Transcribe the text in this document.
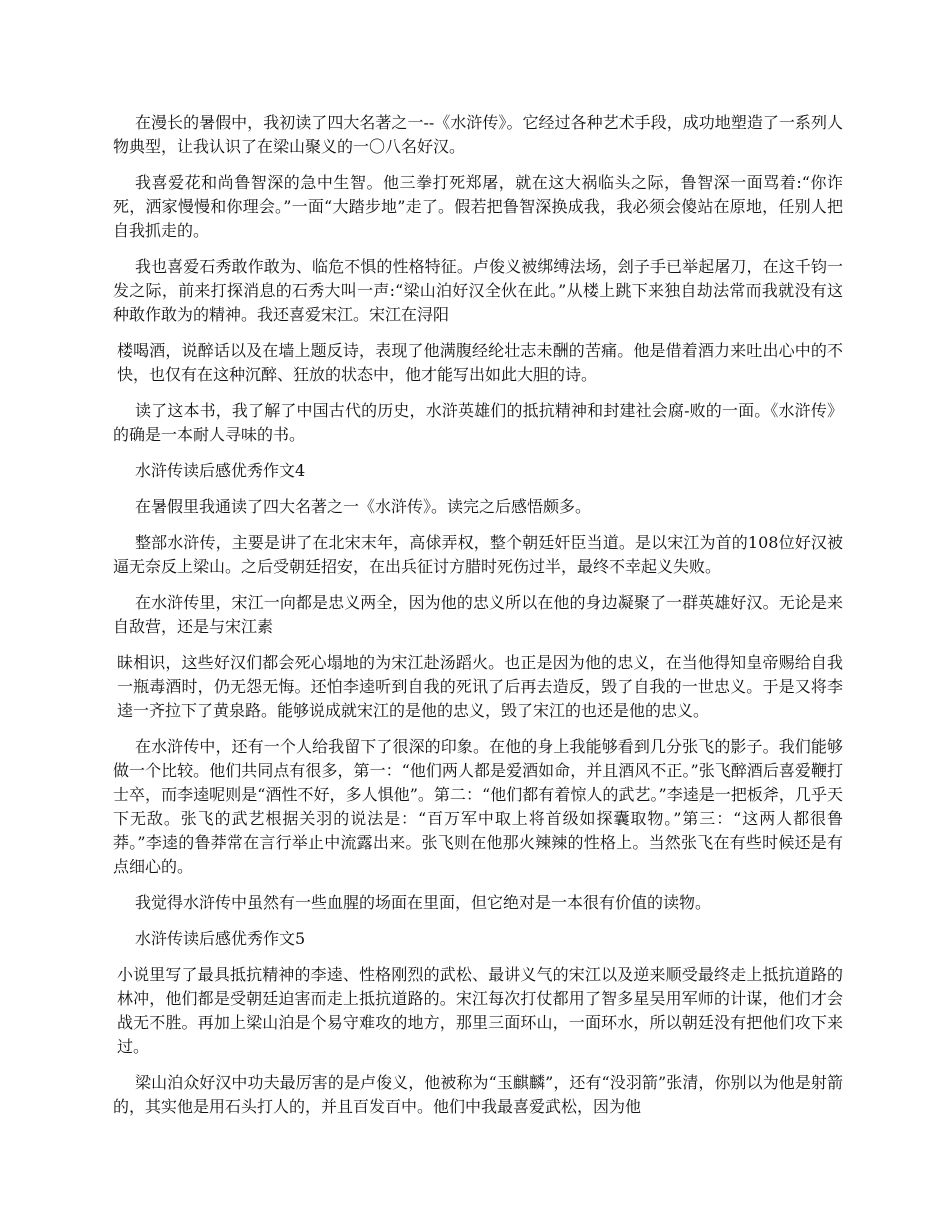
在漫长的暑假中，我初读了四大名著之一--《水浒传》。它经过各种艺术手段，成功地塑造了一系列人物典型，让我认识了在梁山聚义的一〇八名好汉。

我喜爱花和尚鲁智深的急中生智。他三拳打死郑屠，就在这大祸临头之际，鲁智深一面骂着:“你诈死，洒家慢慢和你理会。”一面“大踏步地”走了。假若把鲁智深换成我，我必须会傻站在原地，任别人把自我抓走的。

我也喜爱石秀敢作敢为、临危不惧的性格特征。卢俊义被绑缚法场，刽子手已举起屠刀，在这千钧一发之际，前来打探消息的石秀大叫一声:“梁山泊好汉全伙在此。”从楼上跳下来独自劫法常而我就没有这种敢作敢为的精神。我还喜爱宋江。宋江在浔阳

楼喝酒，说醉话以及在墙上题反诗，表现了他满腹经纶壮志未酬的苦痛。他是借着酒力来吐出心中的不快，也仅有在这种沉醉、狂放的状态中，他才能写出如此大胆的诗。

读了这本书，我了解了中国古代的历史，水浒英雄们的抵抗精神和封建社会腐-败的一面。《水浒传》的确是一本耐人寻味的书。

水浒传读后感优秀作文4

在暑假里我通读了四大名著之一《水浒传》。读完之后感悟颇多。

整部水浒传，主要是讲了在北宋末年，高俅弄权，整个朝廷奸臣当道。是以宋江为首的108位好汉被逼无奈反上梁山。之后受朝廷招安，在出兵征讨方腊时死伤过半，最终不幸起义失败。

在水浒传里，宋江一向都是忠义两全，因为他的忠义所以在他的身边凝聚了一群英雄好汉。无论是来自敌营，还是与宋江素

昧相识，这些好汉们都会死心塌地的为宋江赴汤蹈火。也正是因为他的忠义，在当他得知皇帝赐给自我一瓶毒酒时，仍无怨无悔。还怕李逵听到自我的死讯了后再去造反，毁了自我的一世忠义。于是又将李逵一齐拉下了黄泉路。能够说成就宋江的是他的忠义，毁了宋江的也还是他的忠义。

在水浒传中，还有一个人给我留下了很深的印象。在他的身上我能够看到几分张飞的影子。我们能够做一个比较。他们共同点有很多，第一：“他们两人都是爱酒如命，并且酒风不正。”张飞醉酒后喜爱鞭打士卒，而李逵呢则是“酒性不好，多人惧他”。第二：“他们都有着惊人的武艺。”李逵是一把板斧，几乎天下无敌。张飞的武艺根据关羽的说法是：“百万军中取上将首级如探囊取物。”第三：“这两人都很鲁莽。”李逵的鲁莽常在言行举止中流露出来。张飞则在他那火辣辣的性格上。当然张飞在有些时候还是有点细心的。

我觉得水浒传中虽然有一些血腥的场面在里面，但它绝对是一本很有价值的读物。

水浒传读后感优秀作文5

小说里写了最具抵抗精神的李逵、性格刚烈的武松、最讲义气的宋江以及逆来顺受最终走上抵抗道路的林冲，他们都是受朝廷迫害而走上抵抗道路的。宋江每次打仗都用了智多星吴用军师的计谋，他们才会战无不胜。再加上梁山泊是个易守难攻的地方，那里三面环山，一面环水，所以朝廷没有把他们攻下来过。

梁山泊众好汉中功夫最厉害的是卢俊义，他被称为“玉麒麟”，还有“没羽箭”张清，你别以为他是射箭的，其实他是用石头打人的，并且百发百中。他们中我最喜爱武松，因为他
